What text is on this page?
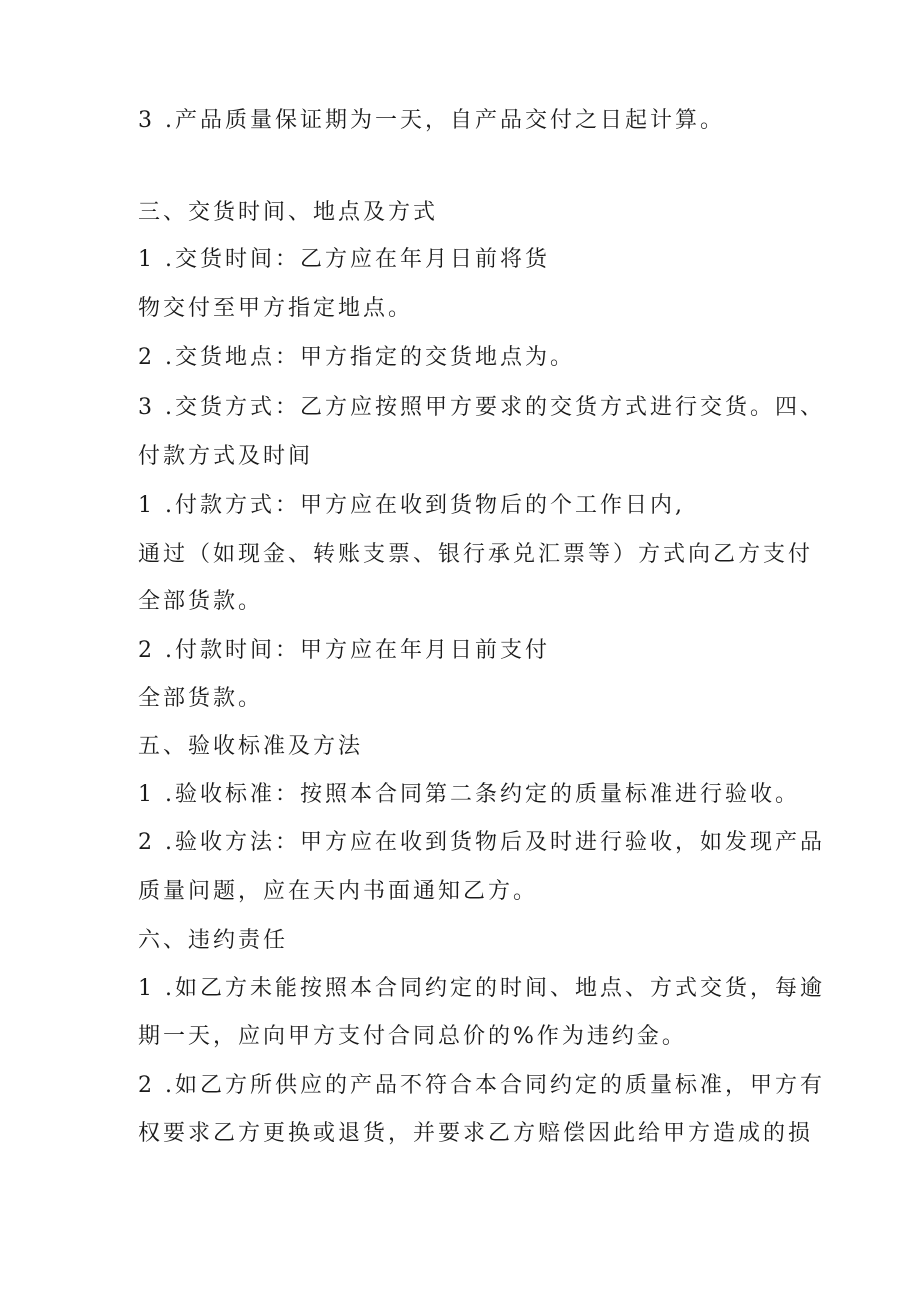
3 .产品质量保证期为一天，自产品交付之日起计算。
三、交货时间、地点及方式
1 .交货时间：乙方应在年月日前将货
物交付至甲方指定地点。
2 .交货地点：甲方指定的交货地点为。
3 .交货方式：乙方应按照甲方要求的交货方式进行交货。四、
付款方式及时间
1 .付款方式：甲方应在收到货物后的个工作日内,
通过（如现金、转账支票、银行承兑汇票等）方式向乙方支付
全部货款。
2 .付款时间：甲方应在年月日前支付
全部货款。
五、验收标准及方法
1 .验收标准：按照本合同第二条约定的质量标准进行验收。
2 .验收方法：甲方应在收到货物后及时进行验收，如发现产品
质量问题，应在天内书面通知乙方。
六、违约责任
1 .如乙方未能按照本合同约定的时间、地点、方式交货，每逾
期一天，应向甲方支付合同总价的%作为违约金。
2 .如乙方所供应的产品不符合本合同约定的质量标准，甲方有
权要求乙方更换或退货，并要求乙方赔偿因此给甲方造成的损
